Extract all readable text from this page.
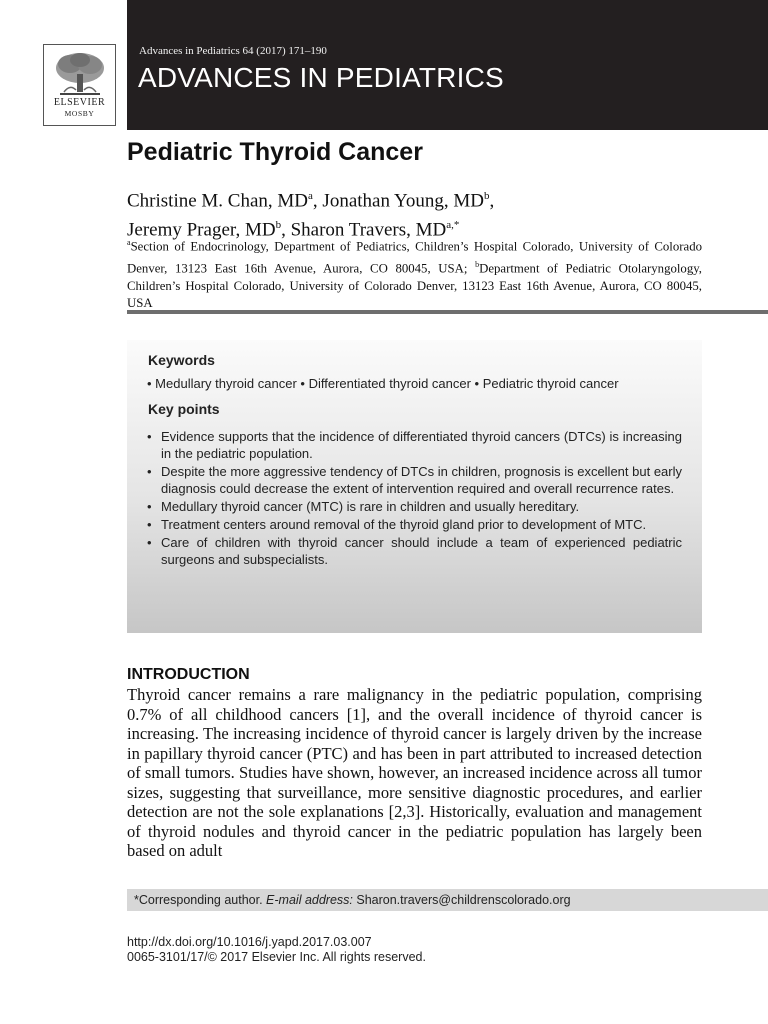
ELSEVIER
MOSBY
Advances in Pediatrics 64 (2017) 171–190
ADVANCES IN PEDIATRICS
Pediatric Thyroid Cancer
Christine M. Chan, $MD^a$, Jonathan Young, $MD^b$,
Jeremy Prager, $MD^b$, Sharon Travers, $MD^{a,*}$
$^a$Section of Endocrinology, Department of Pediatrics, Children’s Hospital Colorado, University of Colorado Denver, 13123 East 16th Avenue, Aurora, CO 80045, USA; $^b$Department of Pediatric Otolaryngology, Children’s Hospital Colorado, University of Colorado Denver, 13123 East 16th Avenue, Aurora, CO 80045, USA
Keywords
• Medullary thyroid cancer • Differentiated thyroid cancer • Pediatric thyroid cancer
Key points
• Evidence supports that the incidence of differentiated thyroid cancers (DTCs) is increasing in the pediatric population.
• Despite the more aggressive tendency of DTCs in children, prognosis is excellent but early diagnosis could decrease the extent of intervention required and overall recurrence rates.
• Medullary thyroid cancer (MTC) is rare in children and usually hereditary.
• Treatment centers around removal of the thyroid gland prior to development of MTC.
• Care of children with thyroid cancer should include a team of experienced pediatric surgeons and subspecialists.
INTRODUCTION

Thyroid cancer remains a rare malignancy in the pediatric population, comprising 0.7% of all childhood cancers [1], and the overall incidence of thyroid cancer is increasing. The increasing incidence of thyroid cancer is largely driven by the increase in papillary thyroid cancer (PTC) and has been in part attributed to increased detection of small tumors. Studies have shown, however, an increased incidence across all tumor sizes, suggesting that surveillance, more sensitive diagnostic procedures, and earlier detection are not the sole explanations [2,3]. Historically, evaluation and management of thyroid nodules and thyroid cancer in the pediatric population has largely been based on adult

*Corresponding author. E-mail address: Sharon.travers@childrenscolorado.org
http://dx.doi.org/10.1016/j.yapd.2017.03.007
0065-3101/17/© 2017 Elsevier Inc. All rights reserved.
